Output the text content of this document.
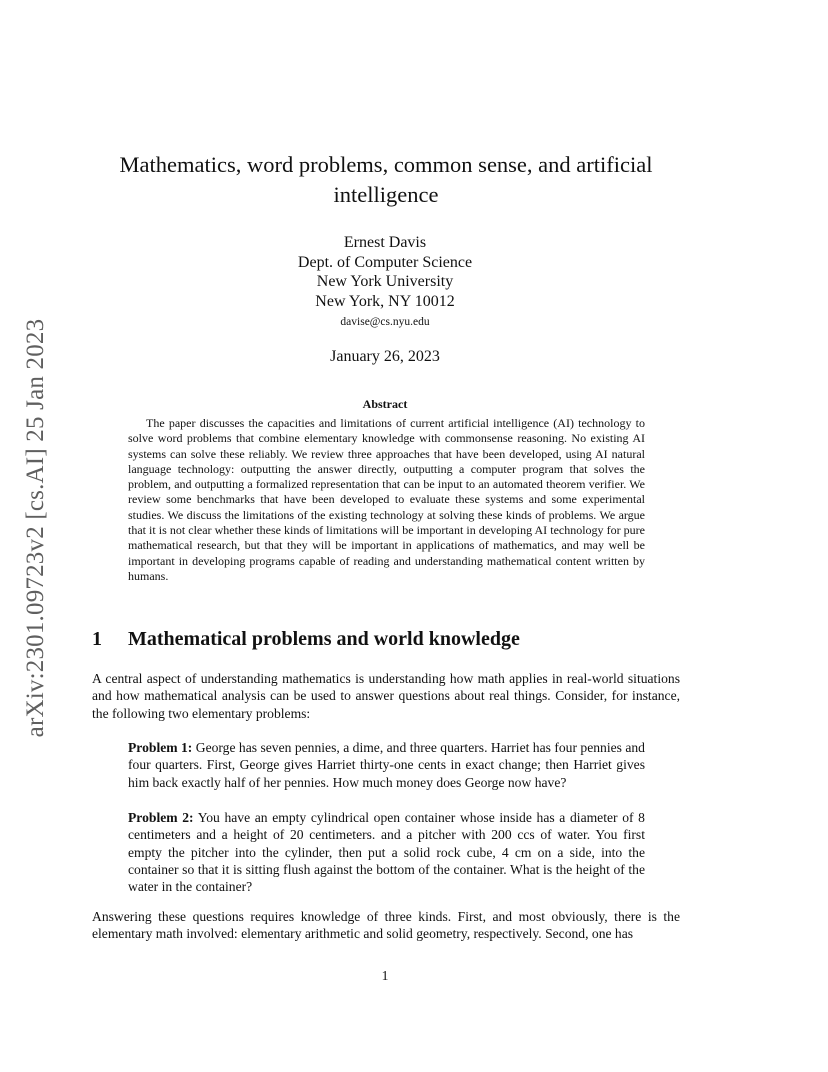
arXiv:2301.09723v2 [cs.AI] 25 Jan 2023
Mathematics, word problems, common sense, and artificial intelligence
Ernest Davis
Dept. of Computer Science
New York University
New York, NY 10012
davise@cs.nyu.edu
January 26, 2023
Abstract

The paper discusses the capacities and limitations of current artificial intelligence (AI) technology to solve word problems that combine elementary knowledge with commonsense reasoning. No existing AI systems can solve these reliably. We review three approaches that have been developed, using AI natural language technology: outputting the answer directly, outputting a computer program that solves the problem, and outputting a formalized representation that can be input to an automated theorem verifier. We review some benchmarks that have been developed to evaluate these systems and some experimental studies. We discuss the limitations of the existing technology at solving these kinds of problems. We argue that it is not clear whether these kinds of limitations will be important in developing AI technology for pure mathematical research, but that they will be important in applications of mathematics, and may well be important in developing programs capable of reading and understanding mathematical content written by humans.

1 Mathematical problems and world knowledge

A central aspect of understanding mathematics is understanding how math applies in real-world situations and how mathematical analysis can be used to answer questions about real things. Consider, for instance, the following two elementary problems:

Problem 1: George has seven pennies, a dime, and three quarters. Harriet has four pennies and four quarters. First, George gives Harriet thirty-one cents in exact change; then Harriet gives him back exactly half of her pennies. How much money does George now have?

Problem 2: You have an empty cylindrical open container whose inside has a diameter of 8 centimeters and a height of 20 centimeters. and a pitcher with 200 ccs of water. You first empty the pitcher into the cylinder, then put a solid rock cube, 4 cm on a side, into the container so that it is sitting flush against the bottom of the container. What is the height of the water in the container?

Answering these questions requires knowledge of three kinds. First, and most obviously, there is the elementary math involved: elementary arithmetic and solid geometry, respectively. Second, one has

1
